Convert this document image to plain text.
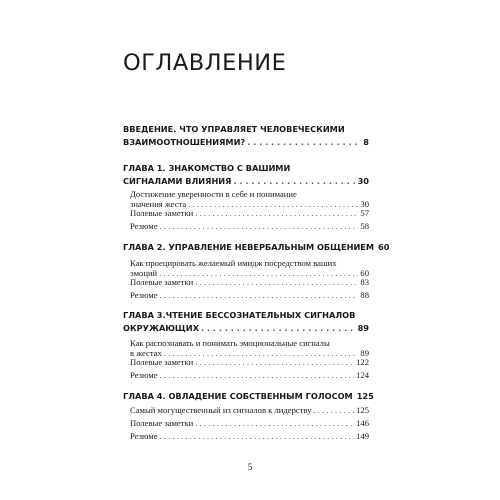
ОГЛАВЛЕНИЕ
ВВЕДЕНИЕ. ЧТО УПРАВЛЯЕТ ЧЕЛОВЕЧЕСКИМИ
ВЗАИМООТНОШЕНИЯМИ? . . .	8
ГЛАВА 1. ЗНАКОМСТВО С ВАШИМИ
СИГНАЛАМИ ВЛИЯНИЯ . . .	30
Достижение уверенности в себе и понимание
значения жеста . . .	30
Полевые заметки . . .	57
Резюме . . .	58
ГЛАВА 2. УПРАВЛЕНИЕ НЕВЕРБАЛЬНЫМ ОБЩЕНИЕМ 60
Как проецировать желаемый имидж посредством ваших
эмоций . . .	60
Полевые заметки . . .	83
Резюме . . .	88
ГЛАВА 3.ЧТЕНИЕ БЕССОЗНАТЕЛЬНЫХ СИГНАЛОВ
ОКРУЖАЮЩИХ . . .	89
Как распознавать и понимать эмоциональные сигналы
в жестах . . .	89
Полевые заметки . . .	122
Резюме . . .	124
ГЛАВА 4. ОВЛАДЕНИЕ СОБСТВЕННЫМ ГОЛОСОМ 125
Самый могущественный из сигналов к лидерству . . .	125
Полевые заметки . . .	146
Резюме . . .	149
5
